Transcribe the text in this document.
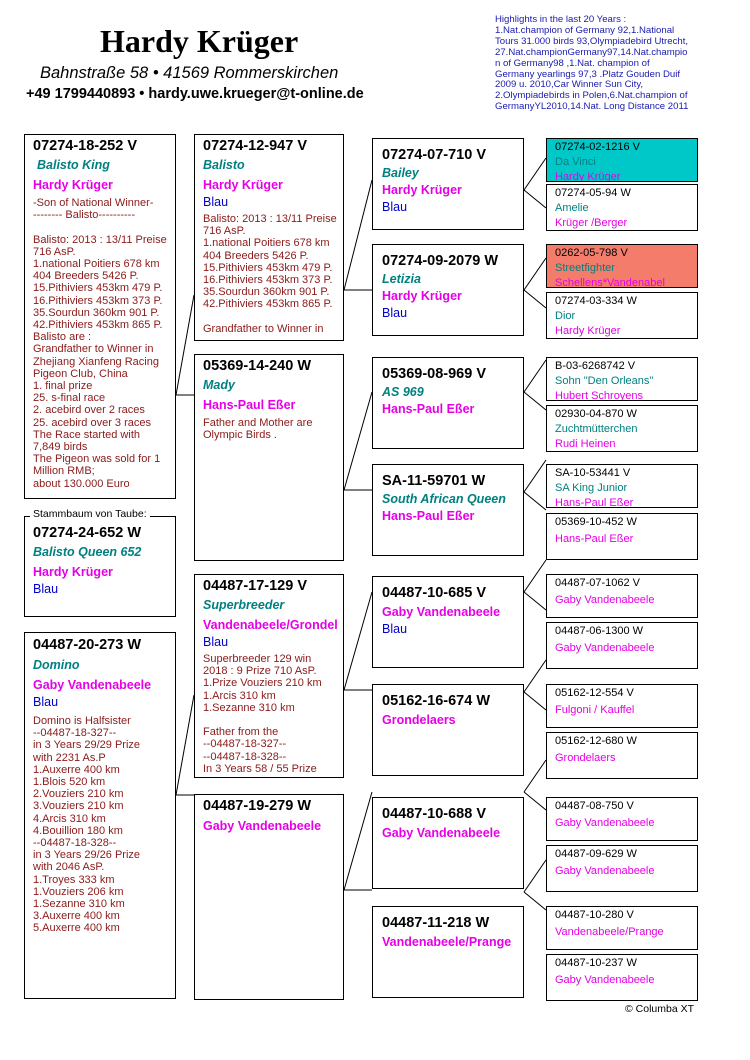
Hardy Krüger
Bahnstraße 58 • 41569 Rommerskirchen
+49 1799440893 • hardy.uwe.krueger@t-online.de
Highlights in the last 20 Years :
1.Nat.champion of Germany 92,1.National
Tours 31.000 birds 93,Olympiadebird Utrecht,
27.Nat.championGermany97,14.Nat.champio
n of Germany98 ,1.Nat. champion of
Germany yearlings 97,3 .Platz Gouden Duif
2009 u. 2010,Car Winner Sun City,
2.Olympiadebirds in Polen,6.Nat.champion of
GermanyYL2010,14.Nat. Long Distance 2011
07274-18-252 V
Balisto King
Hardy Krüger
-Son of National Winner-
-------- Balisto----------

Balisto: 2013 : 13/11 Preise
716 AsP.
1.national Poitiers 678 km
404 Breeders 5426 P.
15.Pithiviers 453km 479 P.
16.Pithiviers 453km 373 P.
35.Sourdun 360km 901 P.
42.Pithiviers 453km 865 P.
Balisto are :
Grandfather to Winner in
Zhejiang Xianfeng Racing
Pigeon Club, China
1. final prize
25. s-final race
2. acebird over 2 races
25. acebird over 3 races
The Race started with
7,849 birds
The Pigeon was sold for 1
Million RMB;
about 130.000 Euro
07274-24-652 W
Balisto Queen 652
Hardy Krüger
Blau
Stammbaum von Taube:
04487-20-273 W
Domino
Gaby Vandenabeele
Blau
Domino is Halfsister
--04487-18-327--
in 3 Years 29/29 Prize
with 2231 As.P
1.Auxerre 400 km
1.Blois 520 km
2.Vouziers 210 km
3.Vouziers 210 km
4.Arcis 310 km
4.Bouillion 180 km
--04487-18-328--
in 3 Years 29/26 Prize
with 2046 AsP.
1.Troyes 333 km
1.Vouziers 206 km
1.Sezanne 310 km
3.Auxerre 400 km
5.Auxerre 400 km
07274-12-947 V
Balisto
Hardy Krüger
Blau
Balisto: 2013 : 13/11 Preise
716 AsP.
1.national Poitiers 678 km
404 Breeders 5426 P.
15.Pithiviers 453km 479 P.
16.Pithiviers 453km 373 P.
35.Sourdun 360km 901 P.
42.Pithiviers 453km 865 P.

Grandfather to Winner in
05369-14-240 W
Mady
Hans-Paul Eßer
Father and Mother are
Olympic Birds .
04487-17-129 V
Superbreeder
Vandenabeele/Grondel
Blau
Superbreeder 129 win
2018 : 9 Prize 710 AsP.
1.Prize Vouziers 210 km
1.Arcis 310 km
1.Sezanne 310 km

Father from the
--04487-18-327--
--04487-18-328--
In 3 Years 58 / 55 Prize
04487-19-279 W
Gaby Vandenabeele
07274-07-710 V
Bailey
Hardy Krüger
Blau
07274-09-2079 W
Letizia
Hardy Krüger
Blau
05369-08-969 V
AS 969
Hans-Paul Eßer
SA-11-59701 W
South African Queen
Hans-Paul Eßer
04487-10-685 V
Gaby Vandenabeele
Blau
05162-16-674 W
Grondelaers
04487-10-688 V
Gaby Vandenabeele
04487-11-218 W
Vandenabeele/Prange
07274-02-1216 V
Da Vinci
Hardy Krüger
07274-05-94 W
Amelie
Krüger /Berger
0262-05-798 V
Streetfighter
Schellens*Vandenabel
07274-03-334 W
Dior
Hardy Krüger
B-03-6268742 V
Sohn "Den Orleans"
Hubert Schroyens
02930-04-870 W
Zuchtmütterchen
Rudi Heinen
SA-10-53441 V
SA King Junior
Hans-Paul Eßer
05369-10-452 W
Hans-Paul Eßer
04487-07-1062 V
Gaby Vandenabeele
04487-06-1300 W
Gaby Vandenabeele
05162-12-554 V
Fulgoni / Kauffel
05162-12-680 W
Grondelaers
04487-08-750 V
Gaby Vandenabeele
04487-09-629 W
Gaby Vandenabeele
04487-10-280 V
Vandenabeele/Prange
04487-10-237 W
Gaby Vandenabeele
© Columba XT
